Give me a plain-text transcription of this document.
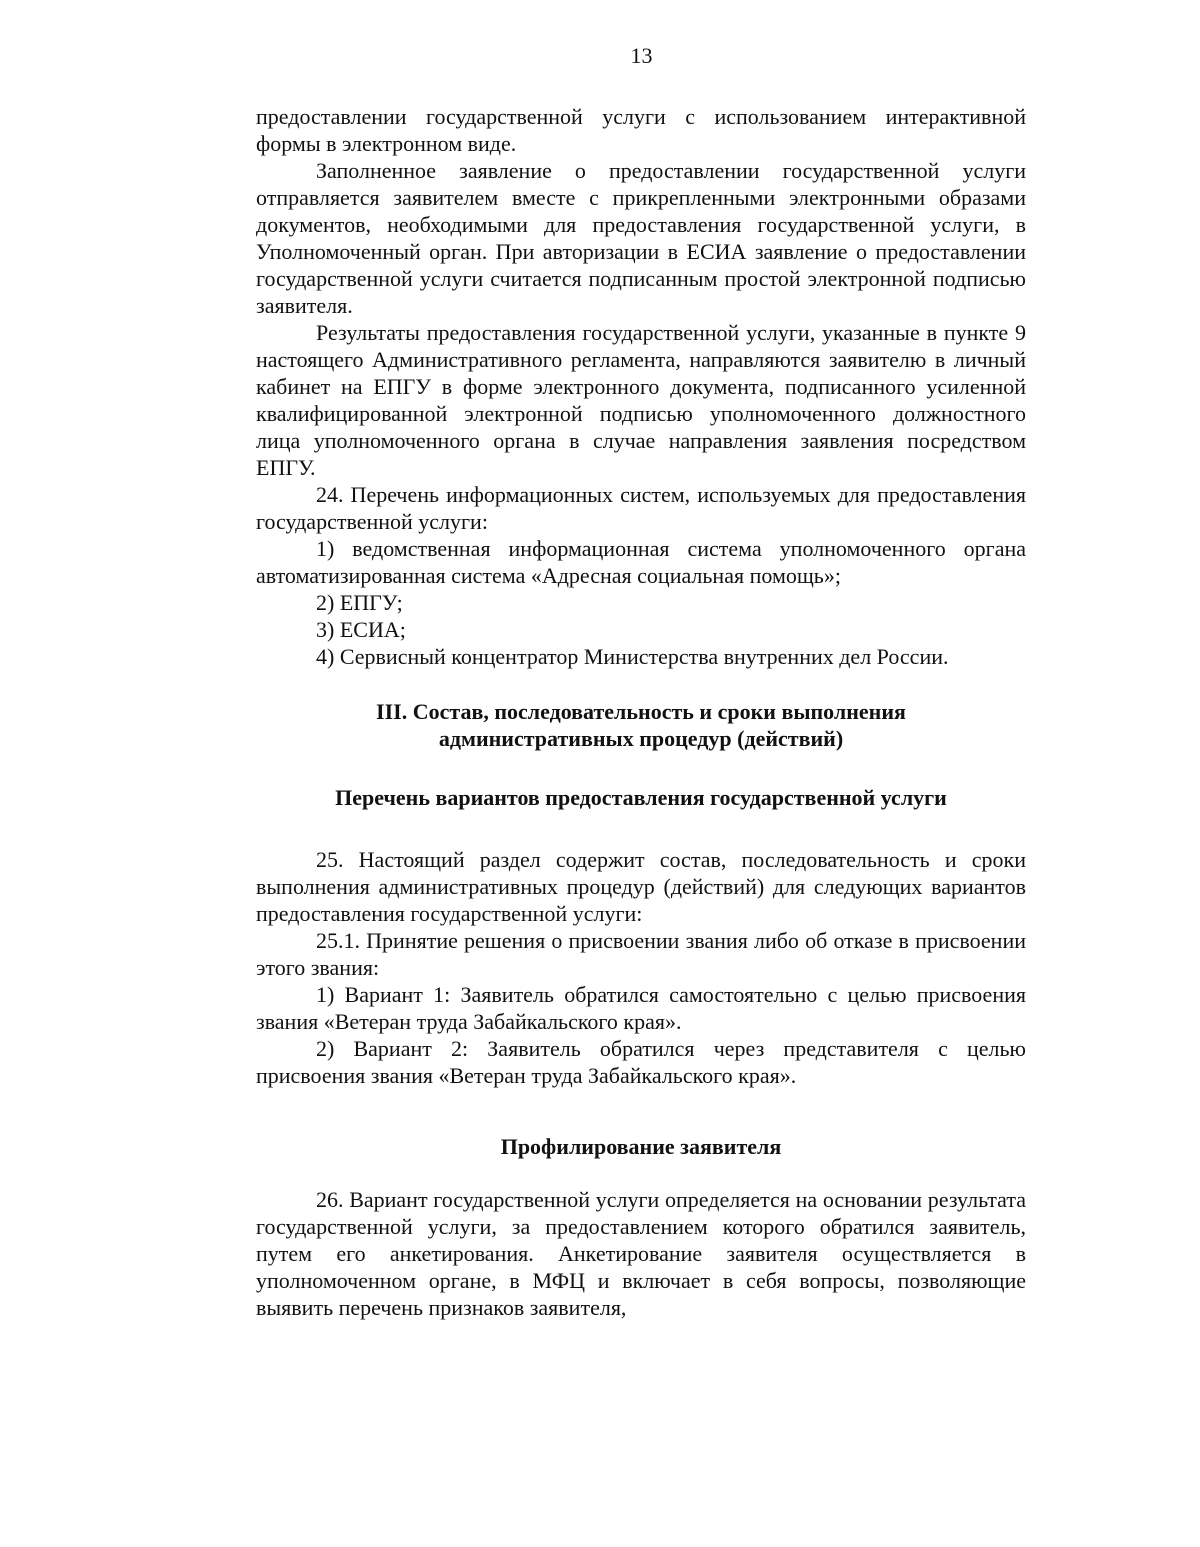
13

предоставлении государственной услуги с использованием интерактивной формы в электронном виде.

Заполненное заявление о предоставлении государственной услуги отправляется заявителем вместе с прикрепленными электронными образами документов, необходимыми для предоставления государственной услуги, в Уполномоченный орган. При авторизации в ЕСИА заявление о предоставлении государственной услуги считается подписанным простой электронной подписью заявителя.

Результаты предоставления государственной услуги, указанные в пункте 9 настоящего Административного регламента, направляются заявителю в личный кабинет на ЕПГУ в форме электронного документа, подписанного усиленной квалифицированной электронной подписью уполномоченного должностного лица уполномоченного органа в случае направления заявления посредством ЕПГУ.

24. Перечень информационных систем, используемых для предоставления государственной услуги:

1) ведомственная информационная система уполномоченного органа автоматизированная система «Адресная социальная помощь»;

2) ЕПГУ;

3) ЕСИА;

4) Сервисный концентратор Министерства внутренних дел России.

III. Состав, последовательность и сроки выполнения

административных процедур (действий)

Перечень вариантов предоставления государственной услуги

25. Настоящий раздел содержит состав, последовательность и сроки выполнения административных процедур (действий) для следующих вариантов предоставления государственной услуги:

25.1. Принятие решения о присвоении звания либо об отказе в присвоении этого звания:

1) Вариант 1: Заявитель обратился самостоятельно с целью присвоения звания «Ветеран труда Забайкальского края».

2) Вариант 2: Заявитель обратился через представителя с целью присвоения звания «Ветеран труда Забайкальского края».

Профилирование заявителя

26. Вариант государственной услуги определяется на основании результата государственной услуги, за предоставлением которого обратился заявитель, путем его анкетирования. Анкетирование заявителя осуществляется в уполномоченном органе, в МФЦ и включает в себя вопросы, позволяющие выявить перечень признаков заявителя,
